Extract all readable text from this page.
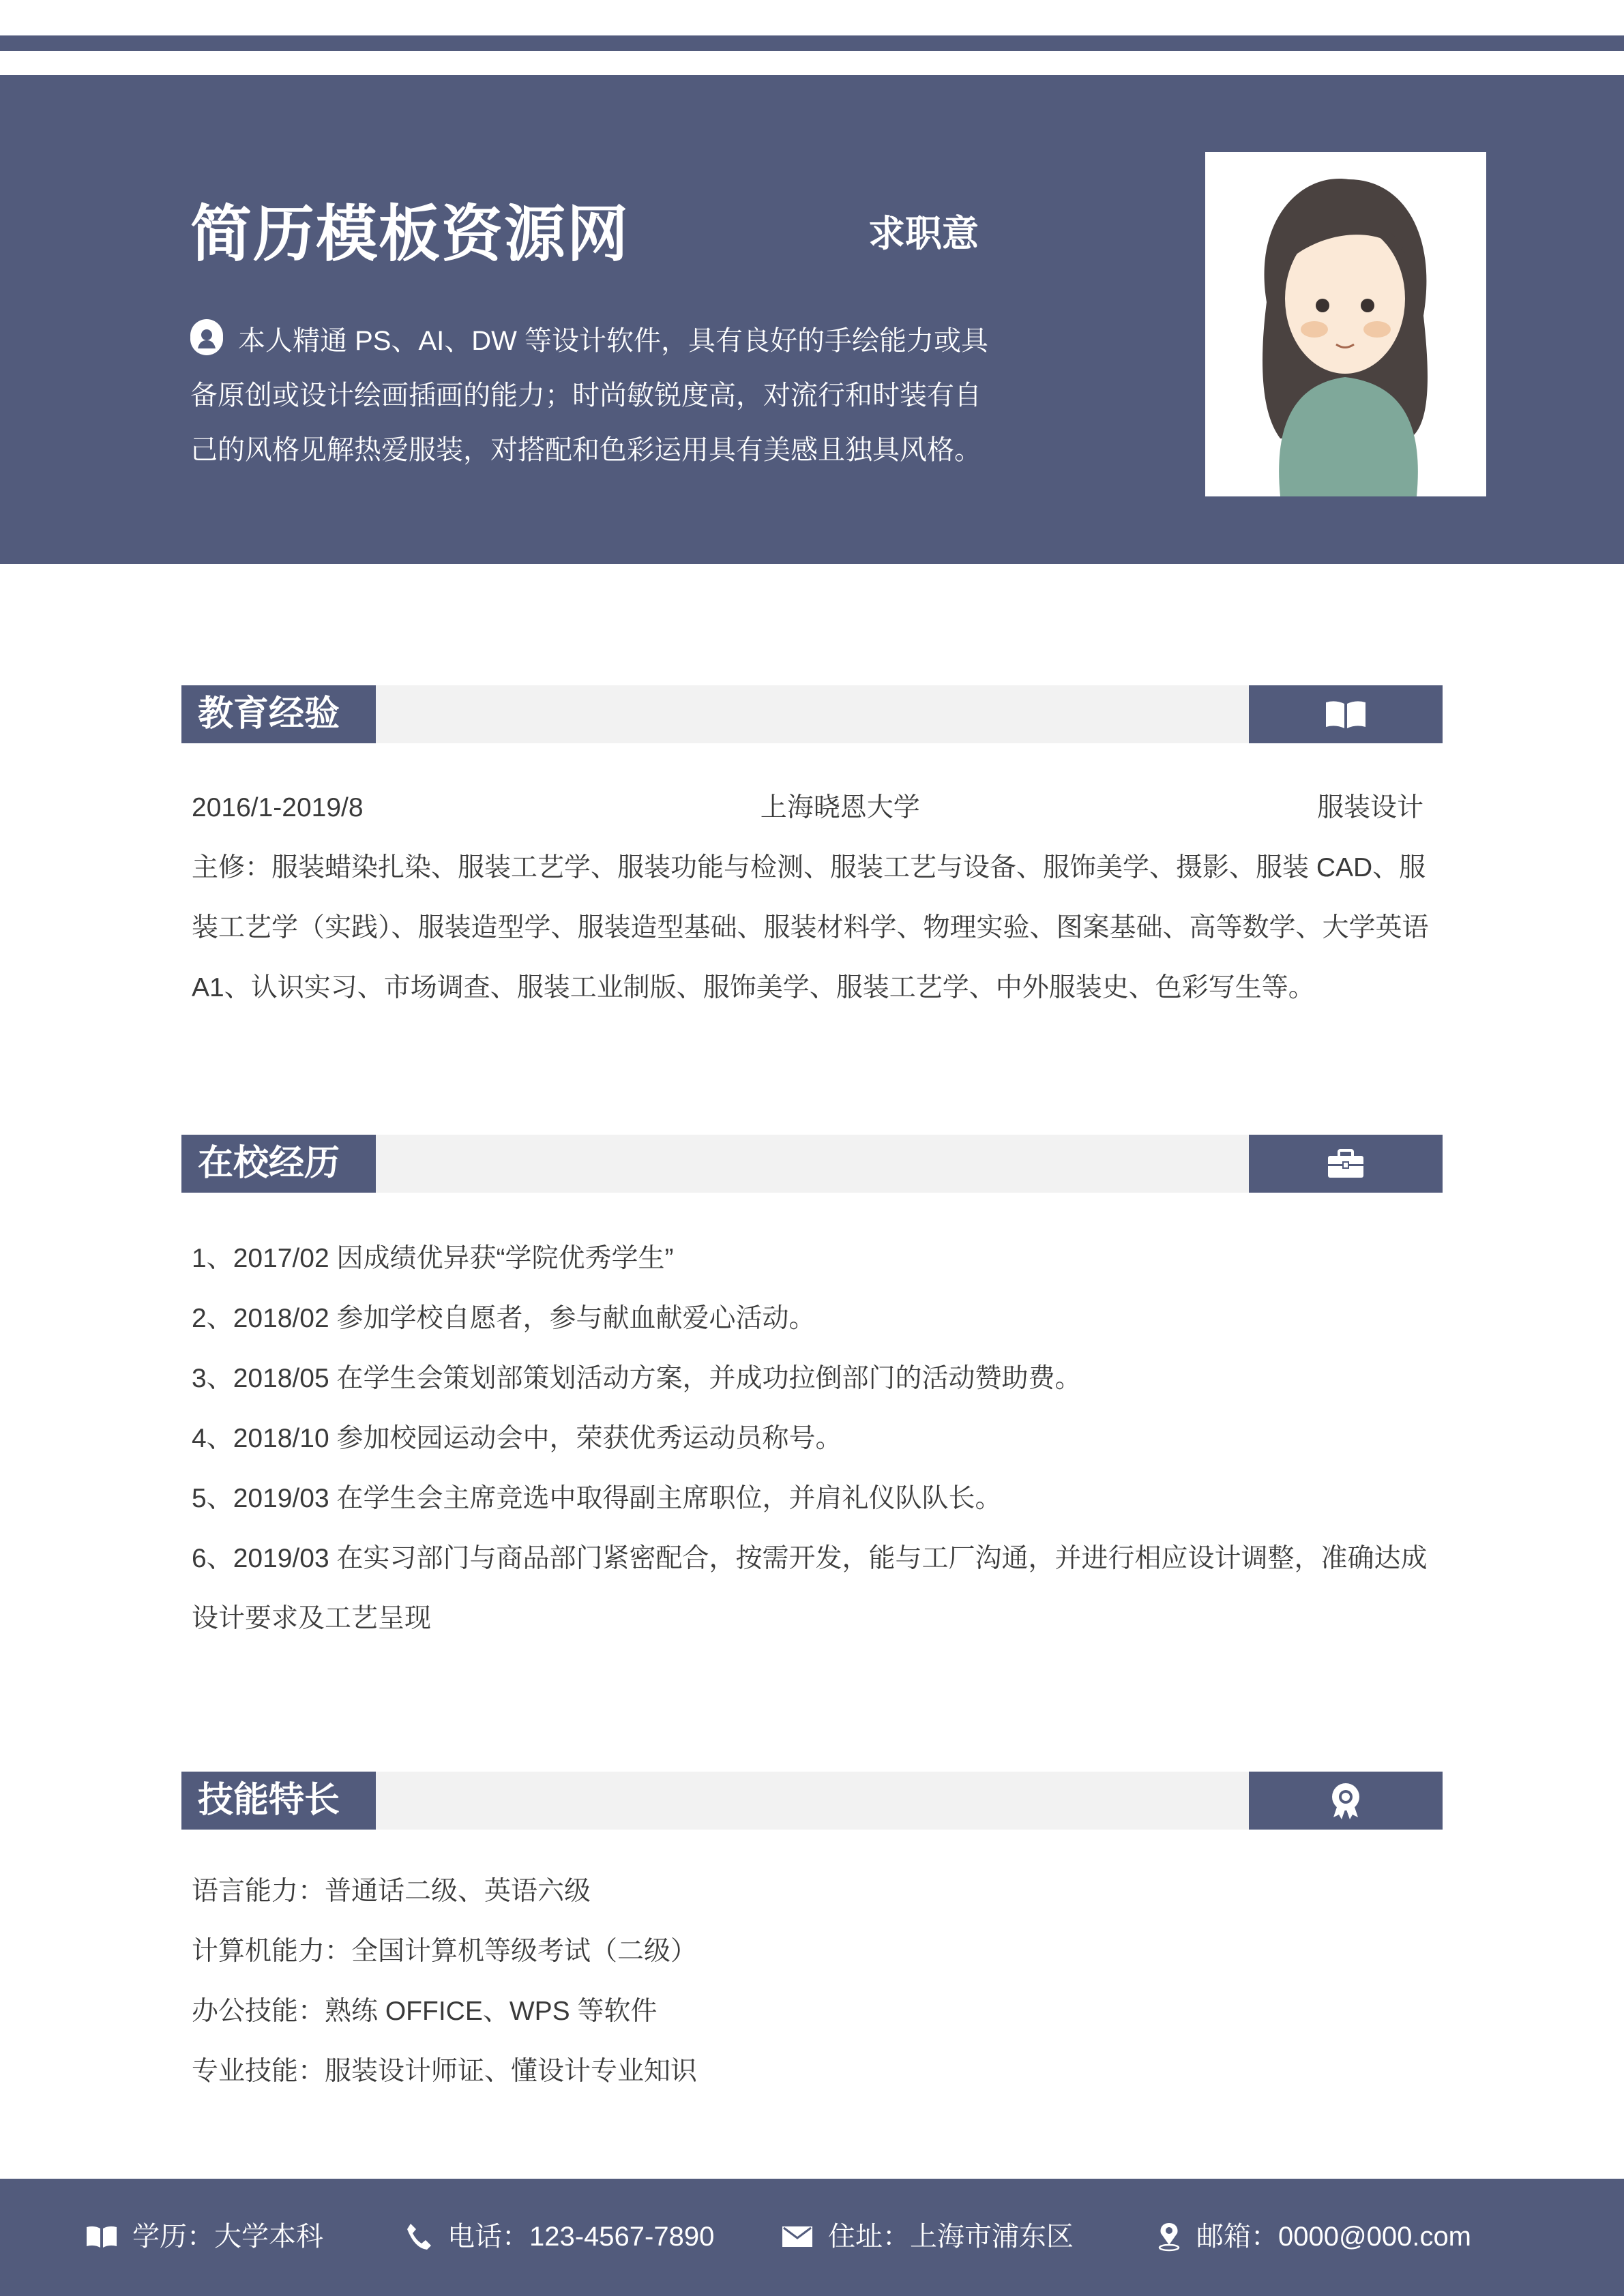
简历模板资源网	求职意
本人精通 PS、AI、DW 等设计软件，具有良好的手绘能力或具备原创或设计绘画插画的能力；时尚敏锐度高，对流行和时装有自己的风格见解热爱服装，对搭配和色彩运用具有美感且独具风格。
教育经验
2016/1-2019/8	上海晓恩大学	服装设计
主修：服装蜡染扎染、服装工艺学、服装功能与检测、服装工艺与设备、服饰美学、摄影、服装 CAD、服装工艺学（实践）、服装造型学、服装造型基础、服装材料学、物理实验、图案基础、高等数学、大学英语 A1、认识实习、市场调查、服装工业制版、服饰美学、服装工艺学、中外服装史、色彩写生等。
在校经历
1、2017/02 因成绩优异获“学院优秀学生”
2、2018/02 参加学校自愿者，参与献血献爱心活动。
3、2018/05 在学生会策划部策划活动方案，并成功拉倒部门的活动赞助费。
4、2018/10 参加校园运动会中，荣获优秀运动员称号。
5、2019/03 在学生会主席竞选中取得副主席职位，并肩礼仪队队长。
6、2019/03 在实习部门与商品部门紧密配合，按需开发，能与工厂沟通，并进行相应设计调整，准确达成设计要求及工艺呈现
技能特长
语言能力：普通话二级、英语六级
计算机能力：全国计算机等级考试（二级）
办公技能：熟练 OFFICE、WPS 等软件
专业技能：服装设计师证、懂设计专业知识
学历：大学本科	电话：123-4567-7890	住址：上海市浦东区	邮箱：0000@000.com
